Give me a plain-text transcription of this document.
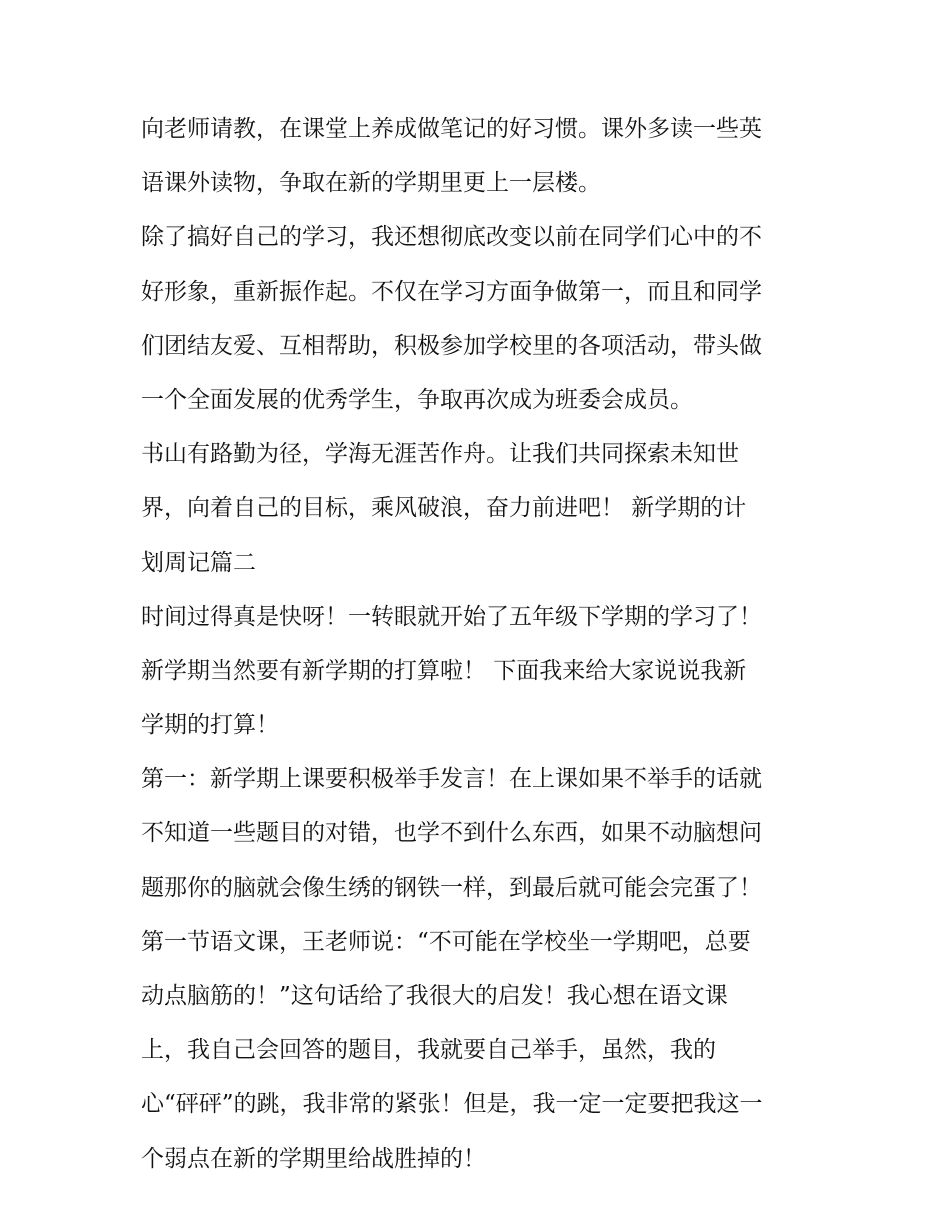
向老师请教，在课堂上养成做笔记的好习惯。课外多读一些英
语课外读物，争取在新的学期里更上一层楼。
除了搞好自己的学习，我还想彻底改变以前在同学们心中的不
好形象，重新振作起。不仅在学习方面争做第一，而且和同学
们团结友爱、互相帮助，积极参加学校里的各项活动，带头做
一个全面发展的优秀学生，争取再次成为班委会成员。
书山有路勤为径，学海无涯苦作舟。让我们共同探索未知世
界，向着自己的目标，乘风破浪，奋力前进吧！ 新学期的计
划周记篇二
时间过得真是快呀！一转眼就开始了五年级下学期的学习了！
新学期当然要有新学期的打算啦！ 下面我来给大家说说我新
学期的打算！
第一：新学期上课要积极举手发言！在上课如果不举手的话就
不知道一些题目的对错，也学不到什么东西，如果不动脑想问
题那你的脑就会像生绣的钢铁一样，到最后就可能会完蛋了！
第一节语文课，王老师说：“不可能在学校坐一学期吧，总要
动点脑筋的！”这句话给了我很大的启发！我心想在语文课
上，我自己会回答的题目，我就要自己举手，虽然，我的
心“砰砰”的跳，我非常的紧张！但是，我一定一定要把我这一
个弱点在新的学期里给战胜掉的！
